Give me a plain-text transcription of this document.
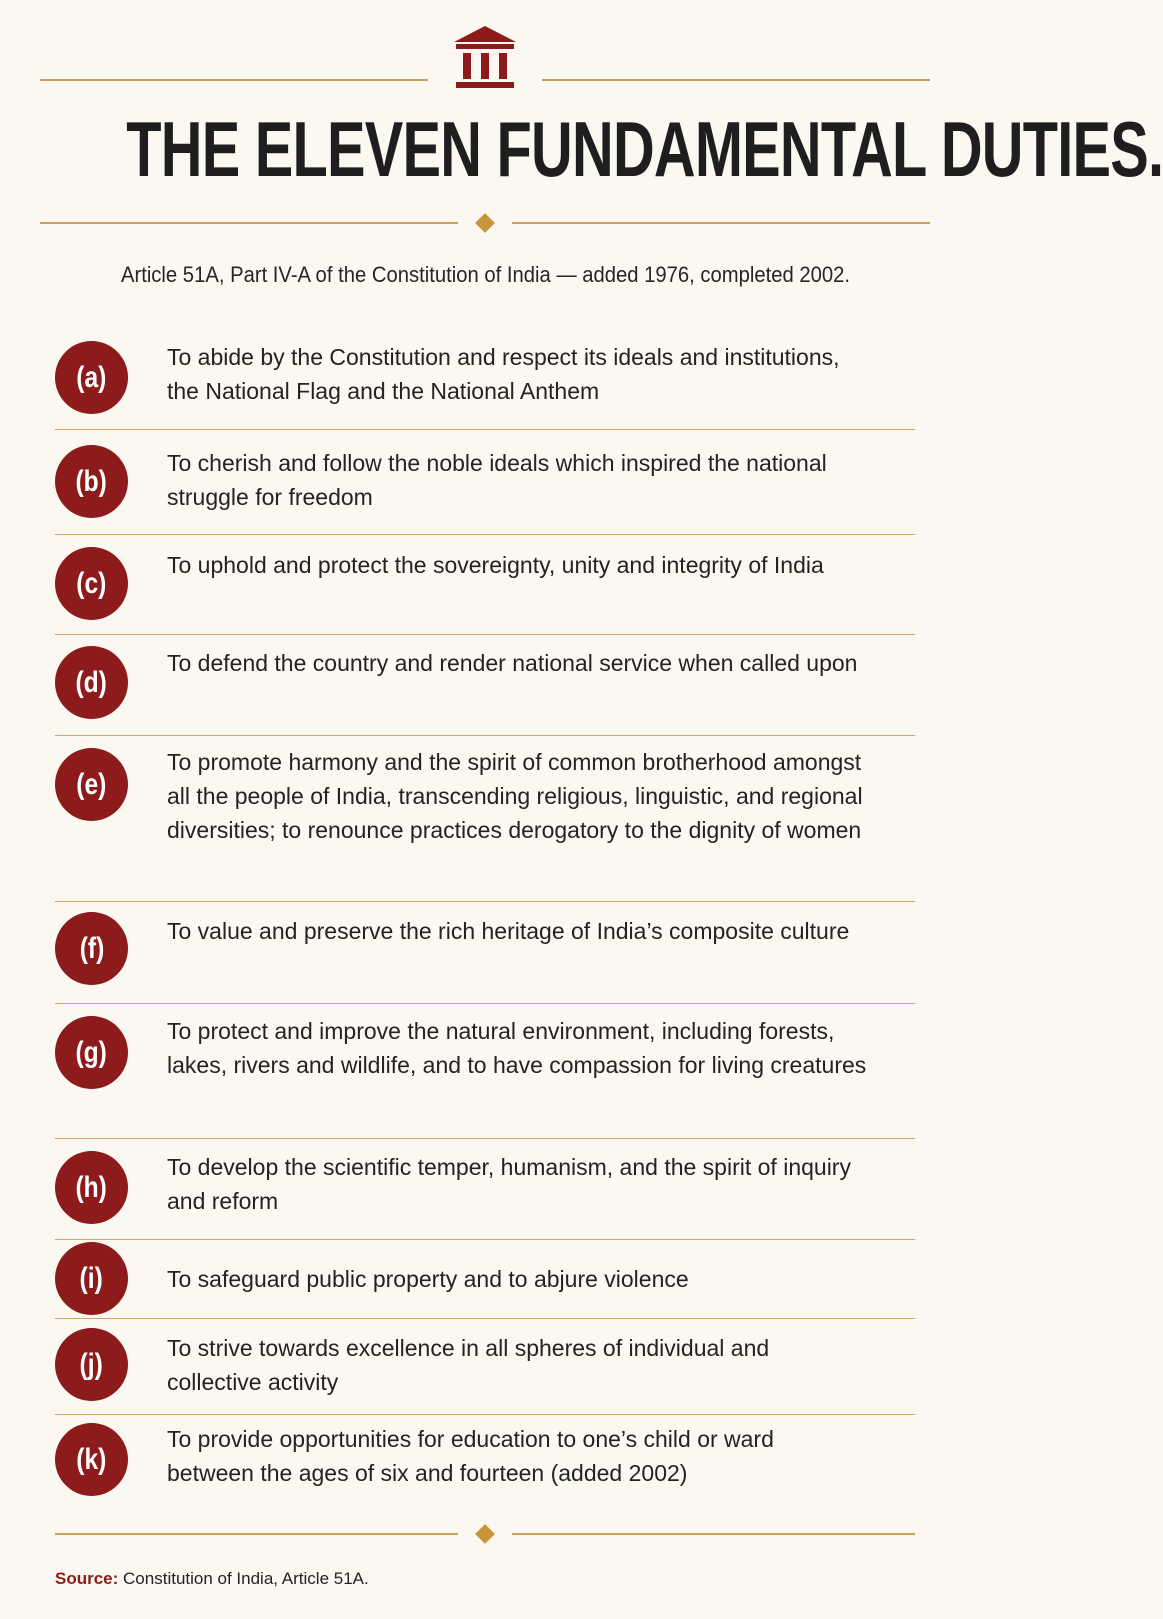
THE ELEVEN FUNDAMENTAL DUTIES.

Article 51A, Part IV-A of the Constitution of India — added 1976, completed 2002.

(a)

To abide by the Constitution and respect its ideals and institutions, the National Flag and the National Anthem

(b)

To cherish and follow the noble ideals which inspired the national struggle for freedom

(c)

To uphold and protect the sovereignty, unity and integrity of India

(d)

To defend the country and render national service when called upon

(e)

To promote harmony and the spirit of common brotherhood amongst all the people of India, transcending religious, linguistic, and regional diversities; to renounce practices derogatory to the dignity of women

(f)

To value and preserve the rich heritage of India’s composite culture

(g)

To protect and improve the natural environment, including forests, lakes, rivers and wildlife, and to have compassion for living creatures

(h)

To develop the scientific temper, humanism, and the spirit of inquiry and reform

(i)	To safeguard public property and to abjure violence

(j)	To strive towards excellence in all spheres of individual and collective activity

(k)

To provide opportunities for education to one’s child or ward between the ages of six and fourteen (added 2002)

Source: Constitution of India, Article 51A.
